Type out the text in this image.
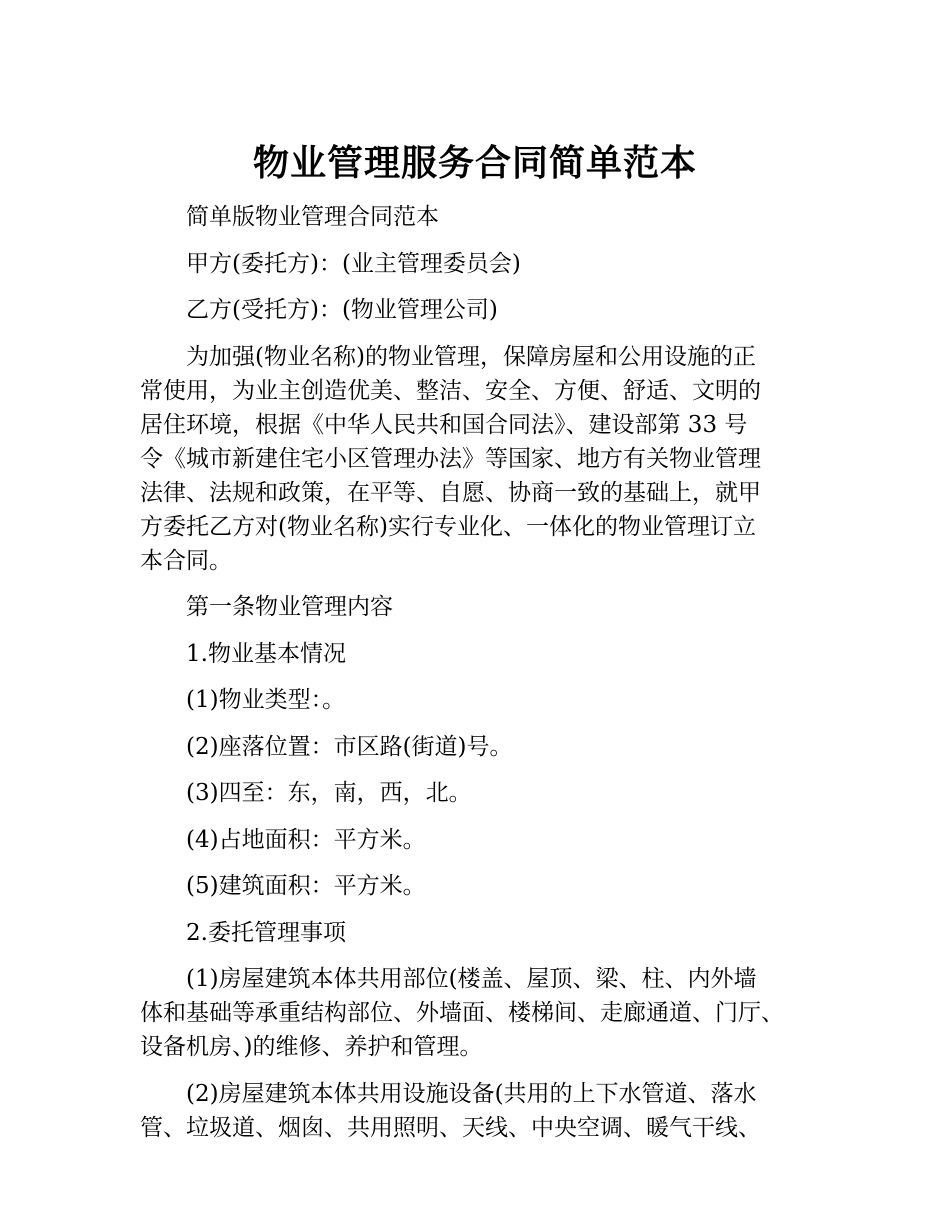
物业管理服务合同简单范本

简单版物业管理合同范本

甲方(委托方)：(业主管理委员会)

乙方(受托方)：(物业管理公司)

为加强(物业名称)的物业管理，保障房屋和公用设施的正
常使用，为业主创造优美、整洁、安全、方便、舒适、文明的
居住环境，根据《中华人民共和国合同法》、建设部第 33 号
令《城市新建住宅小区管理办法》等国家、地方有关物业管理
法律、法规和政策，在平等、自愿、协商一致的基础上，就甲
方委托乙方对(物业名称)实行专业化、一体化的物业管理订立
本合同。

第一条物业管理内容

1.物业基本情况

(1)物业类型：。

(2)座落位置：市区路(街道)号。

(3)四至：东，南，西，北。

(4)占地面积：平方米。

(5)建筑面积：平方米。

2.委托管理事项

(1)房屋建筑本体共用部位(楼盖、屋顶、梁、柱、内外墙
体和基础等承重结构部位、外墙面、楼梯间、走廊通道、门厅、
设备机房、)的维修、养护和管理。
(2)房屋建筑本体共用设施设备(共用的上下水管道、落水
管、垃圾道、烟囱、共用照明、天线、中央空调、暖气干线、
